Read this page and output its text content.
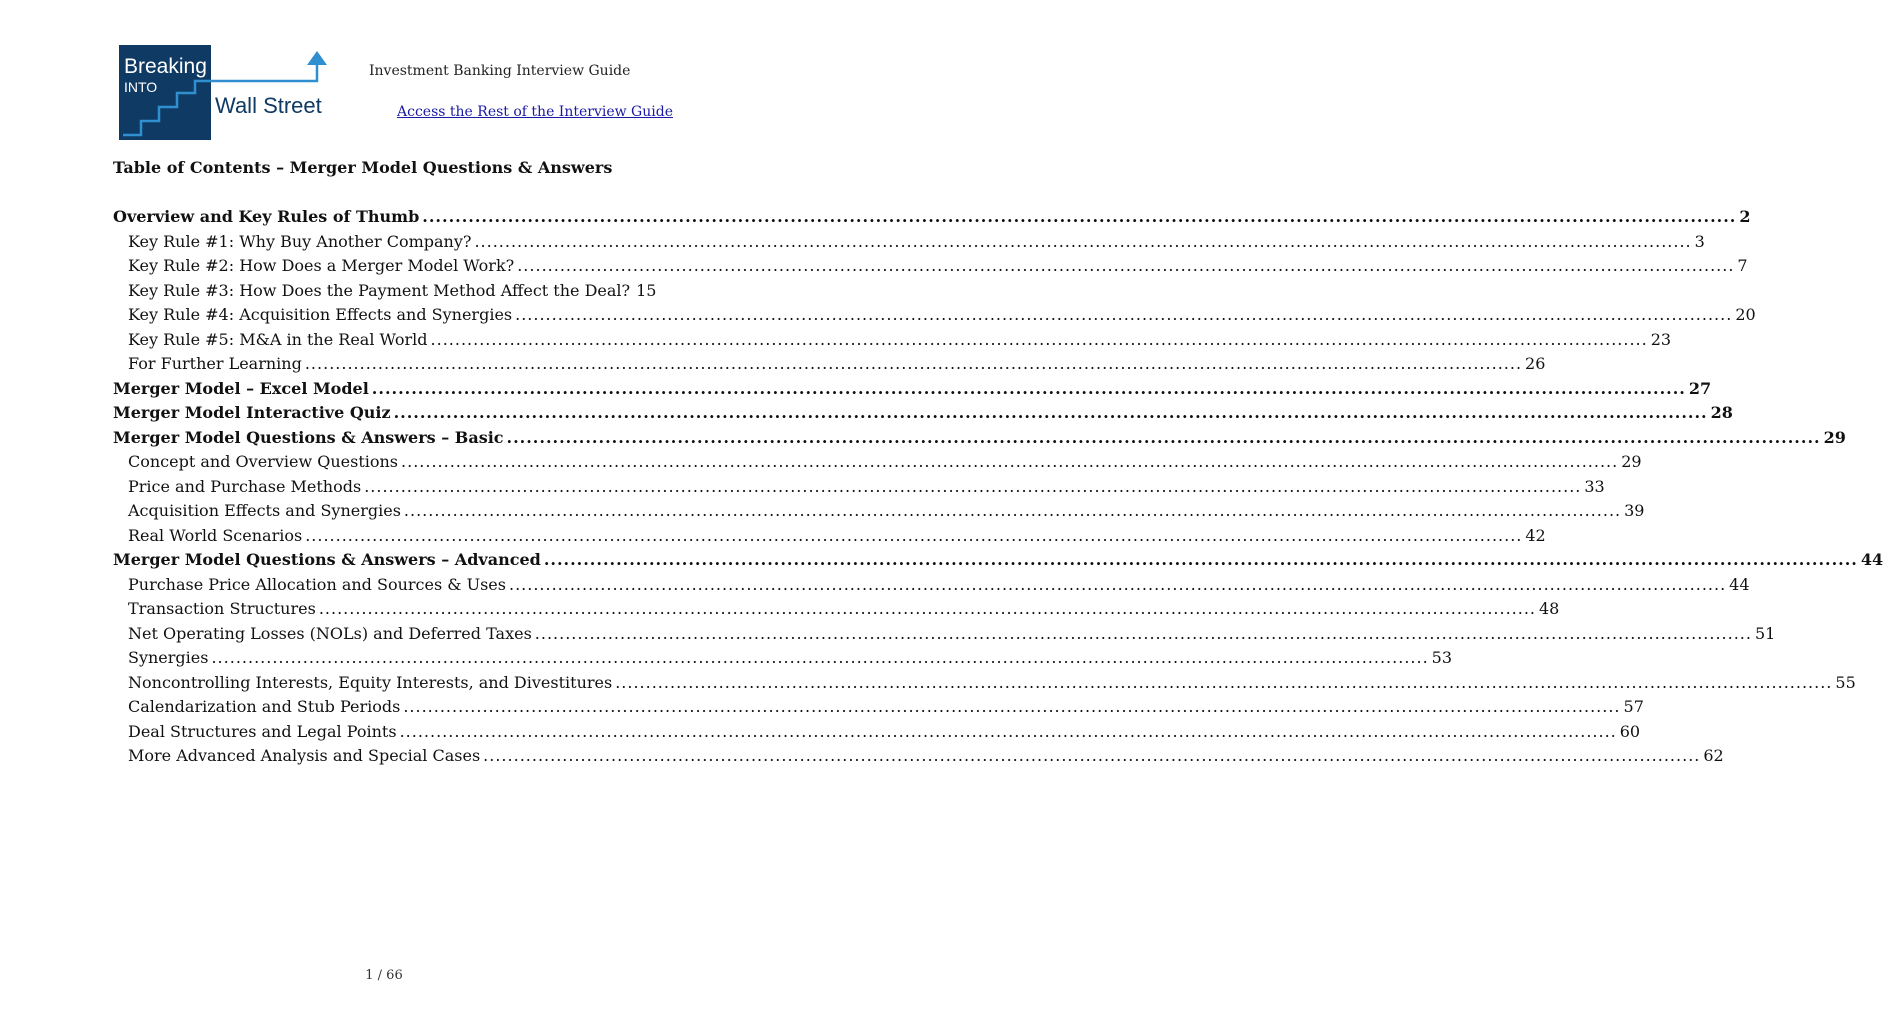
Breaking
INTO
Wall Street
Investment Banking Interview Guide
Access the Rest of the Interview Guide
Table of Contents – Merger Model Questions & Answers
Overview and Key Rules of Thumb ........................................................................................................................................................................................................ 2
Key Rule #1: Why Buy Another Company? ........................................................................................................................................................................................................ 3
Key Rule #2: How Does a Merger Model Work? ........................................................................................................................................................................................................ 7
Key Rule #3: How Does the Payment Method Affect the Deal? 15
Key Rule #4: Acquisition Effects and Synergies ........................................................................................................................................................................................................ 20
Key Rule #5: M&A in the Real World ........................................................................................................................................................................................................ 23
For Further Learning ........................................................................................................................................................................................................ 26
Merger Model – Excel Model ........................................................................................................................................................................................................ 27
Merger Model Interactive Quiz ........................................................................................................................................................................................................ 28
Merger Model Questions & Answers – Basic ........................................................................................................................................................................................................ 29
Concept and Overview Questions ........................................................................................................................................................................................................ 29
Price and Purchase Methods ........................................................................................................................................................................................................ 33
Acquisition Effects and Synergies ........................................................................................................................................................................................................ 39
Real World Scenarios ........................................................................................................................................................................................................ 42
Merger Model Questions & Answers – Advanced ........................................................................................................................................................................................................ 44
Purchase Price Allocation and Sources & Uses ........................................................................................................................................................................................................ 44
Transaction Structures ........................................................................................................................................................................................................ 48
Net Operating Losses (NOLs) and Deferred Taxes ........................................................................................................................................................................................................ 51
Synergies ........................................................................................................................................................................................................ 53
Noncontrolling Interests, Equity Interests, and Divestitures ........................................................................................................................................................................................................ 55
Calendarization and Stub Periods ........................................................................................................................................................................................................ 57
Deal Structures and Legal Points ........................................................................................................................................................................................................ 60
More Advanced Analysis and Special Cases ........................................................................................................................................................................................................ 62
1 / 66
